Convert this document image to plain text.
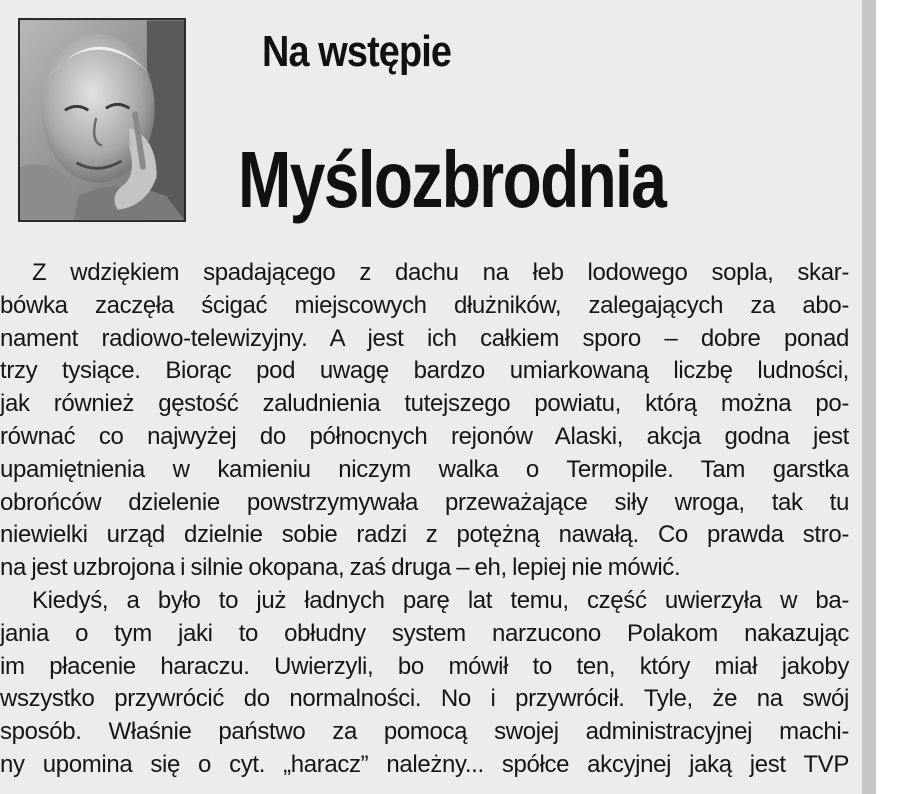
Na wstępie
Myślozbrodnia
Z wdziękiem spadającego z dachu na łeb lodowego sopla, skar-
bówka zaczęła ścigać miejscowych dłużników, zalegających za abo-
nament radiowo-telewizyjny. A jest ich całkiem sporo – dobre ponad
trzy tysiące. Biorąc pod uwagę bardzo umiarkowaną liczbę ludności,
jak również gęstość zaludnienia tutejszego powiatu, którą można po-
równać co najwyżej do północnych rejonów Alaski, akcja godna jest
upamiętnienia w kamieniu niczym walka o Termopile. Tam garstka
obrońców dzielenie powstrzymywała przeważające siły wroga, tak tu
niewielki urząd dzielnie sobie radzi z potężną nawałą. Co prawda stro-
na jest uzbrojona i silnie okopana, zaś druga – eh, lepiej nie mówić.
Kiedyś, a było to już ładnych parę lat temu, część uwierzyła w ba-
jania o tym jaki to obłudny system narzucono Polakom nakazując
im płacenie haraczu. Uwierzyli, bo mówił to ten, który miał jakoby
wszystko przywrócić do normalności. No i przywrócił. Tyle, że na swój
sposób. Właśnie państwo za pomocą swojej administracyjnej machi-
ny upomina się o cyt. „haracz” należny... spółce akcyjnej jaką jest TVP
